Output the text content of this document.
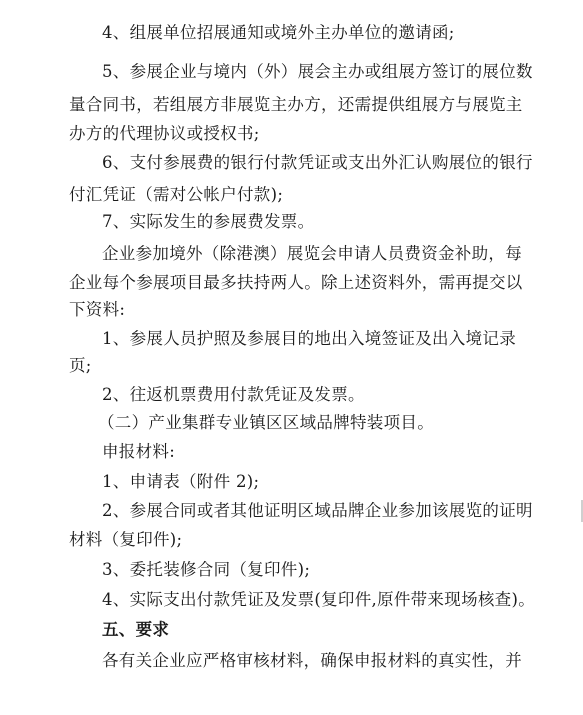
4、组展单位招展通知或境外主办单位的邀请函;
5、参展企业与境内（外）展会主办或组展方签订的展位数
量合同书，若组展方非展览主办方，还需提供组展方与展览主
办方的代理协议或授权书;
6、支付参展费的银行付款凭证或支出外汇认购展位的银行
付汇凭证（需对公帐户付款);
7、实际发生的参展费发票。
企业参加境外（除港澳）展览会申请人员费资金补助，每
企业每个参展项目最多扶持两人。除上述资料外，需再提交以
下资料:
1、参展人员护照及参展目的地出入境签证及出入境记录
页;
2、往返机票费用付款凭证及发票。
（二）产业集群专业镇区区域品牌特装项目。
申报材料:
1、申请表（附件 2);
2、参展合同或者其他证明区域品牌企业参加该展览的证明
材料（复印件);
3、委托装修合同（复印件);
4、实际支出付款凭证及发票(复印件,原件带来现场核查)。
五、要求
各有关企业应严格审核材料，确保申报材料的真实性，并
